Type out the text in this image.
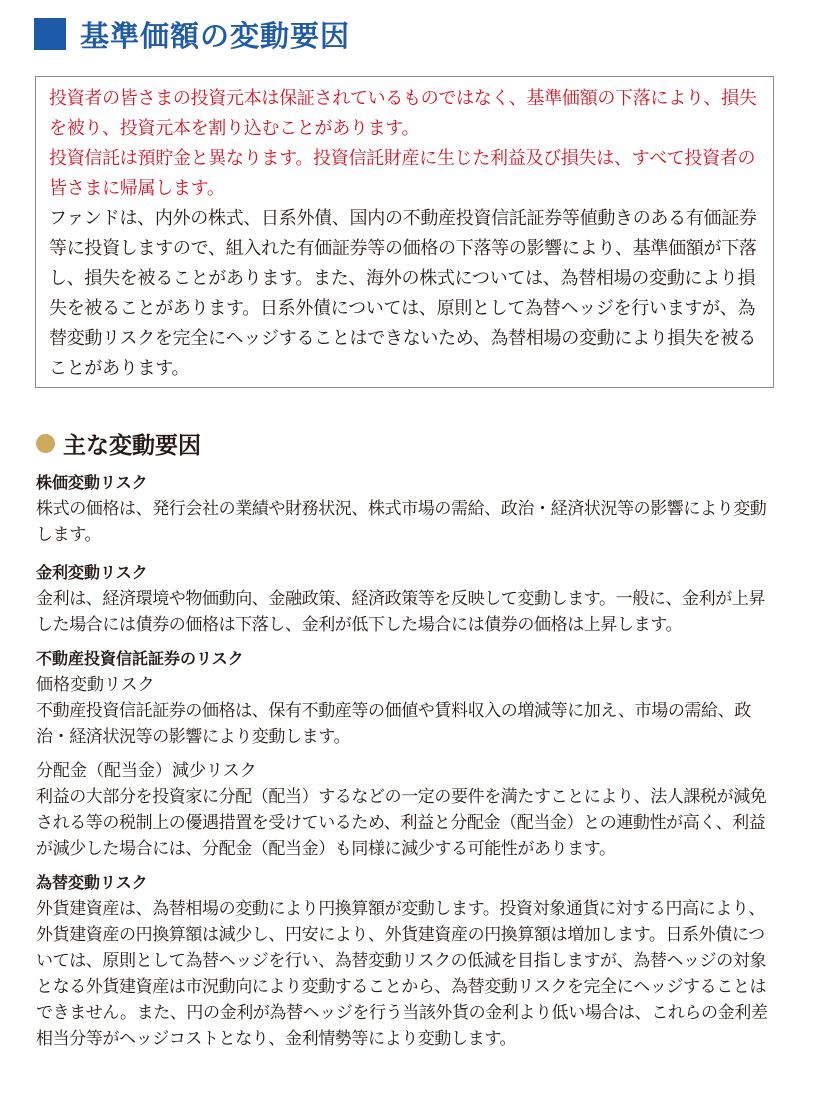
基準価額の変動要因

投資者の皆さまの投資元本は保証されているものではなく、基準価額の下落により、損失を被り、投資元本を割り込むことがあります。

投資信託は預貯金と異なります。投資信託財産に生じた利益及び損失は、すべて投資者の皆さまに帰属します。

ファンドは、内外の株式、日系外債、国内の不動産投資信託証券等値動きのある有価証券等に投資しますので、組入れた有価証券等の価格の下落等の影響により、基準価額が下落し、損失を被ることがあります。また、海外の株式については、為替相場の変動により損失を被ることがあります。日系外債については、原則として為替ヘッジを行いますが、為替変動リスクを完全にヘッジすることはできないため、為替相場の変動により損失を被ることがあります。

主な変動要因

株価変動リスク

株式の価格は、発行会社の業績や財務状況、株式市場の需給、政治・経済状況等の影響により変動します。

金利変動リスク

金利は、経済環境や物価動向、金融政策、経済政策等を反映して変動します。一般に、金利が上昇した場合には債券の価格は下落し、金利が低下した場合には債券の価格は上昇します。

不動産投資信託証券のリスク

価格変動リスク

不動産投資信託証券の価格は、保有不動産等の価値や賃料収入の増減等に加え、市場の需給、政治・経済状況等の影響により変動します。

分配金（配当金）減少リスク

利益の大部分を投資家に分配（配当）するなどの一定の要件を満たすことにより、法人課税が減免される等の税制上の優遇措置を受けているため、利益と分配金（配当金）との連動性が高く、利益が減少した場合には、分配金（配当金）も同様に減少する可能性があります。

為替変動リスク

外貨建資産は、為替相場の変動により円換算額が変動します。投資対象通貨に対する円高により、外貨建資産の円換算額は減少し、円安により、外貨建資産の円換算額は増加します。日系外債については、原則として為替ヘッジを行い、為替変動リスクの低減を目指しますが、為替ヘッジの対象となる外貨建資産は市況動向により変動することから、為替変動リスクを完全にヘッジすることはできません。また、円の金利が為替ヘッジを行う当該外貨の金利より低い場合は、これらの金利差相当分等がヘッジコストとなり、金利情勢等により変動します。
